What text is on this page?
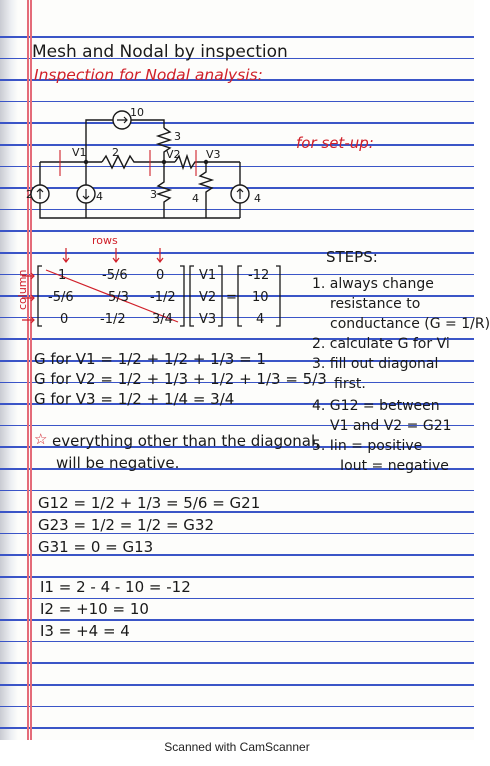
Mesh and Nodal by inspection
Inspection for Nodal analysis:
for set-up:
10
3
V1 2	V2 V3
2	4	3	4	4
rows
column 1	-5/6 0
-5/6	5/3 -1/2
0 -1/2 3/4
V1
V2
V3
=
-12
10
4
STEPS:
1. always change
resistance to
conductance (G = 1/R)
2. calculate G for Vi
3. fill out diagonal
first.
4. G12 = between
V1 and V2 = G21
5. Iin = positive
Iout = negative
G for V1 = 1/2 + 1/2 + 1/3 = 1
G for V2 = 1/2 + 1/3 + 1/2 + 1/3 = 5/3
G for V3 = 1/2 + 1/4 = 3/4
☆ everything other than the diagonal,
will be negative.
G12 = 1/2 + 1/3 = 5/6 = G21
G23 = 1/2 = 1/2 = G32
G31 = 0 = G13
I1 = 2 - 4 - 10 = -12
I2 = +10 = 10
I3 = +4 = 4
Scanned with CamScanner
